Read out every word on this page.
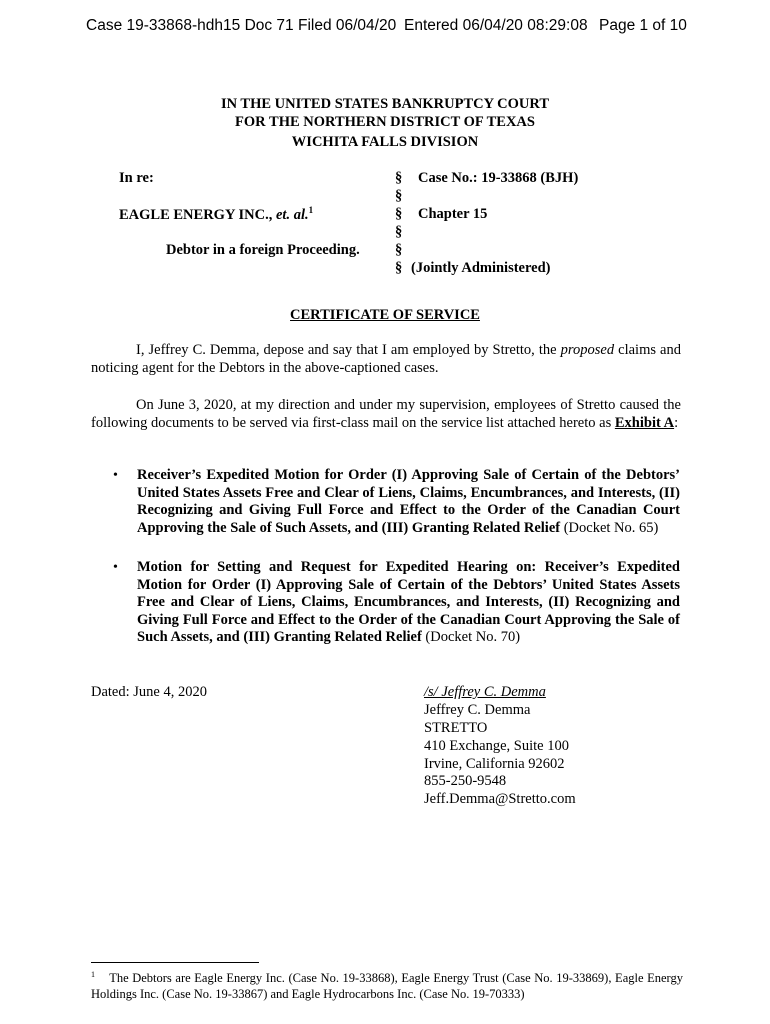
Case 19-33868-hdh15 Doc 71 Filed 06/04/20 Entered 06/04/20 08:29:08 Page 1 of 10
IN THE UNITED STATES BANKRUPTCY COURT
FOR THE NORTHERN DISTRICT OF TEXAS
WICHITA FALLS DIVISION
In re:
EAGLE ENERGY INC., et. al.$^1$
Debtor in a foreign Proceeding.
§
§
§
§
§
§
Case No.: 19-33868 (BJH)
Chapter 15
(Jointly Administered)
CERTIFICATE OF SERVICE
I, Jeffrey C. Demma, depose and say that I am employed by Stretto, the proposed claims and noticing agent for the Debtors in the above-captioned cases.
On June 3, 2020, at my direction and under my supervision, employees of Stretto caused the following documents to be served via first-class mail on the service list attached hereto as Exhibit A:
• Receiver’s Expedited Motion for Order (I) Approving Sale of Certain of the Debtors’ United States Assets Free and Clear of Liens, Claims, Encumbrances, and Interests, (II) Recognizing and Giving Full Force and Effect to the Order of the Canadian Court Approving the Sale of Such Assets, and (III) Granting Related Relief (Docket No. 65)
• Motion for Setting and Request for Expedited Hearing on: Receiver’s Expedited Motion for Order (I) Approving Sale of Certain of the Debtors’ United States Assets Free and Clear of Liens, Claims, Encumbrances, and Interests, (II) Recognizing and Giving Full Force and Effect to the Order of the Canadian Court Approving the Sale of Such Assets, and (III) Granting Related Relief (Docket No. 70)
Dated: June 4, 2020	/s/ Jeffrey C. Demma
Jeffrey C. Demma
STRETTO
410 Exchange, Suite 100
Irvine, California 92602
855-250-9548
Jeff.Demma@Stretto.com
$^1$ The Debtors are Eagle Energy Inc. (Case No. 19-33868), Eagle Energy Trust (Case No. 19-33869), Eagle Energy Holdings Inc. (Case No. 19-33867) and Eagle Hydrocarbons Inc. (Case No. 19-70333)
